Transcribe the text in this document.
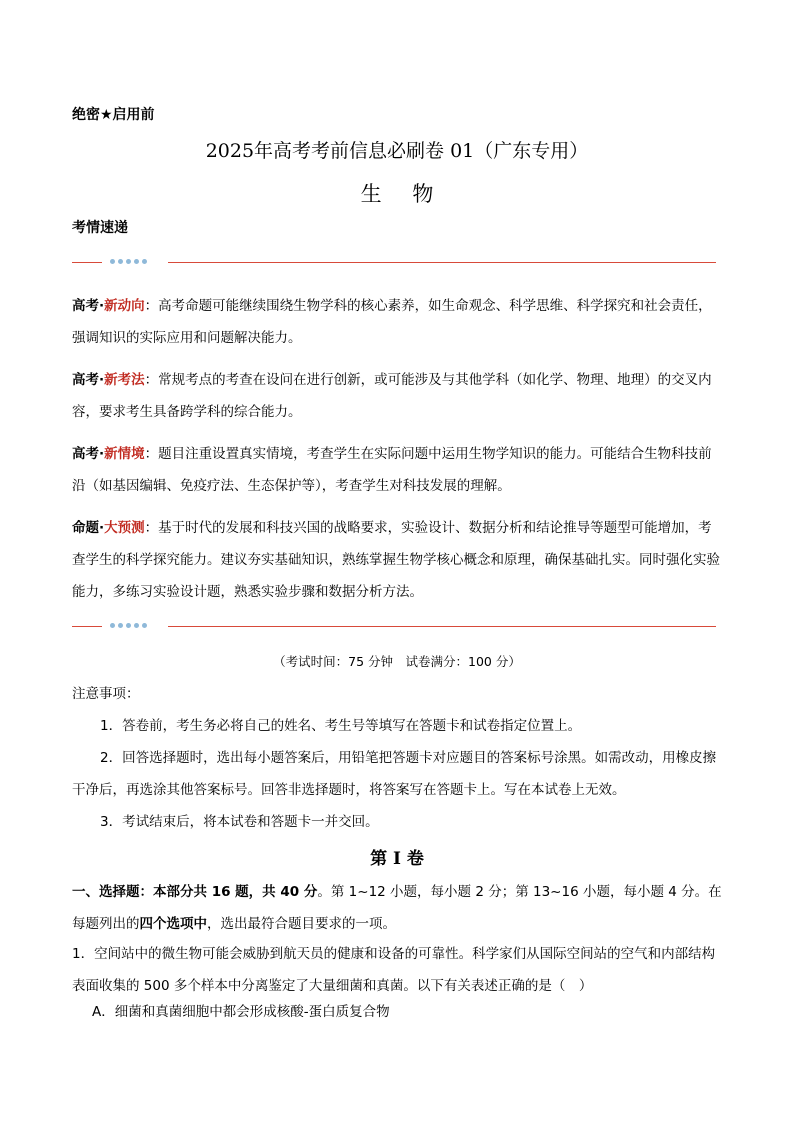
绝密★启用前
2025年高考考前信息必刷卷 01（广东专用）
生 物
考情速递
高考·新动向：高考命题可能继续围绕生物学科的核心素养，如生命观念、科学思维、科学探究和社会责任，强调知识的实际应用和问题解决能力。
高考·新考法：常规考点的考查在设问在进行创新，或可能涉及与其他学科（如化学、物理、地理）的交叉内容，要求考生具备跨学科的综合能力。
高考·新情境：题目注重设置真实情境，考查学生在实际问题中运用生物学知识的能力。可能结合生物科技前沿（如基因编辑、免疫疗法、生态保护等），考查学生对科技发展的理解。
命题·大预测：基于时代的发展和科技兴国的战略要求，实验设计、数据分析和结论推导等题型可能增加，考查学生的科学探究能力。建议夯实基础知识，熟练掌握生物学核心概念和原理，确保基础扎实。同时强化实验能力，多练习实验设计题，熟悉实验步骤和数据分析方法。
（考试时间：75 分钟　试卷满分：100 分）
注意事项：
1．答卷前，考生务必将自己的姓名、考生号等填写在答题卡和试卷指定位置上。
2．回答选择题时，选出每小题答案后，用铅笔把答题卡对应题目的答案标号涂黑。如需改动，用橡皮擦干净后，再选涂其他答案标号。回答非选择题时，将答案写在答题卡上。写在本试卷上无效。
3．考试结束后，将本试卷和答题卡一并交回。
第 I 卷
一、选择题：本部分共 16 题，共 40 分。第 1~12 小题，每小题 2 分；第 13~16 小题，每小题 4 分。在每题列出的四个选项中，选出最符合题目要求的一项。
1．空间站中的微生物可能会威胁到航天员的健康和设备的可靠性。科学家们从国际空间站的空气和内部结构表面收集的 500 多个样本中分离鉴定了大量细菌和真菌。以下有关表述正确的是（　）
A．细菌和真菌细胞中都会形成核酸-蛋白质复合物
